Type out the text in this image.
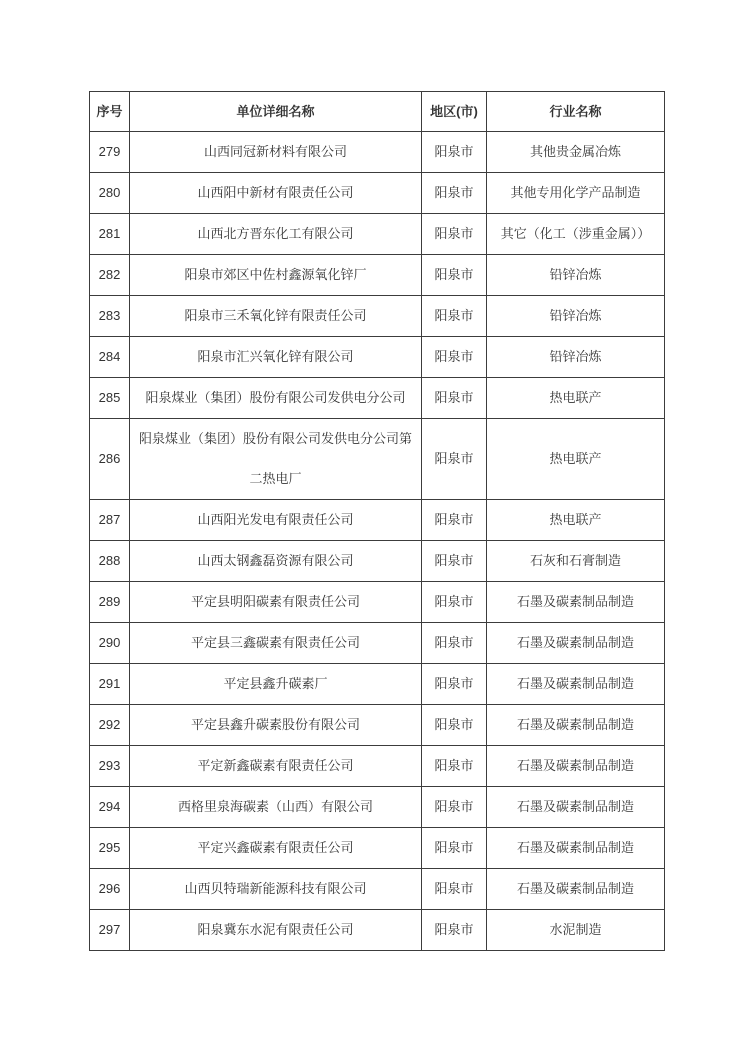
序号	单位详细名称	地区(市)	行业名称
279	山西同冠新材料有限公司	阳泉市	其他贵金属冶炼
280	山西阳中新材有限责任公司	阳泉市	其他专用化学产品制造
281	山西北方晋东化工有限公司	阳泉市	其它（化工（涉重金属））
282	阳泉市郊区中佐村鑫源氧化锌厂	阳泉市	铅锌冶炼
283	阳泉市三禾氧化锌有限责任公司	阳泉市	铅锌冶炼
284	阳泉市汇兴氧化锌有限公司	阳泉市	铅锌冶炼
285	阳泉煤业（集团）股份有限公司发供电分公司	阳泉市	热电联产
286	阳泉煤业（集团）股份有限公司发供电分公司第二热电厂	阳泉市	热电联产
287	山西阳光发电有限责任公司	阳泉市	热电联产
288	山西太钢鑫磊资源有限公司	阳泉市	石灰和石膏制造
289	平定县明阳碳素有限责任公司	阳泉市	石墨及碳素制品制造
290	平定县三鑫碳素有限责任公司	阳泉市	石墨及碳素制品制造
291	平定县鑫升碳素厂	阳泉市	石墨及碳素制品制造
292	平定县鑫升碳素股份有限公司	阳泉市	石墨及碳素制品制造
293	平定新鑫碳素有限责任公司	阳泉市	石墨及碳素制品制造
294	西格里泉海碳素（山西）有限公司	阳泉市	石墨及碳素制品制造
295	平定兴鑫碳素有限责任公司	阳泉市	石墨及碳素制品制造
296	山西贝特瑞新能源科技有限公司	阳泉市	石墨及碳素制品制造
297	阳泉冀东水泥有限责任公司	阳泉市	水泥制造
